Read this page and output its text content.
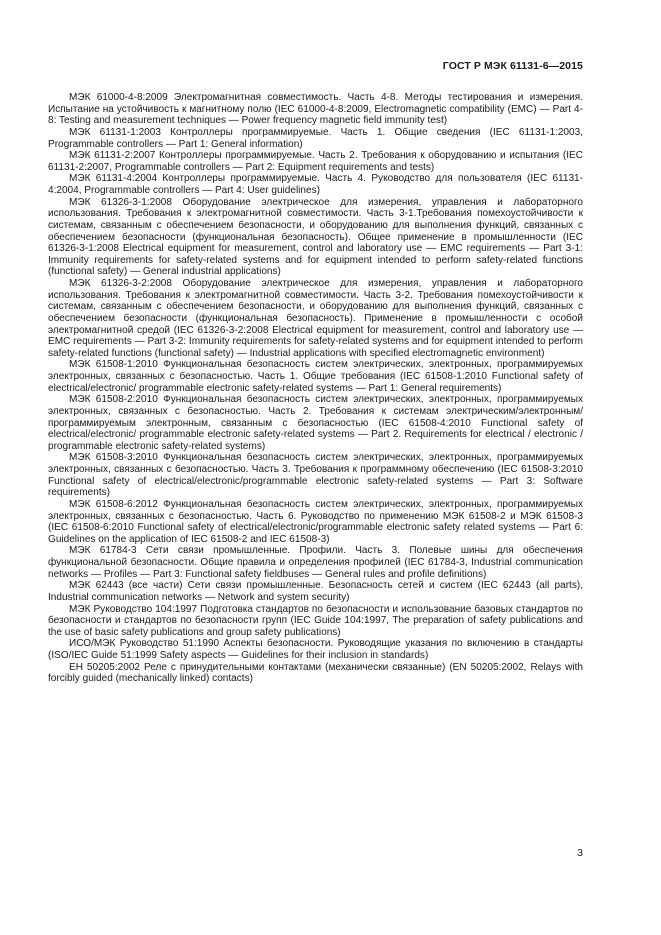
ГОСТ Р МЭК 61131-6—2015

МЭК 61000-4-8:2009 Электромагнитная совместимость. Часть 4-8. Методы тестирования и измерения. Испытание на устойчивость к магнитному полю (IEC 61000-4-8:2009, Electromagnetic compatibility (EMC) — Part 4-8: Testing and measurement techniques — Power frequency magnetic field immunity test)

МЭК 61131-1:2003 Контроллеры программируемые. Часть 1. Общие сведения (IEC 61131-1:2003, Programmable controllers — Part 1: General information)

МЭК 61131-2:2007 Контроллеры программируемые. Часть 2. Требования к оборудованию и испытания (IEC 61131-2:2007, Programmable controllers — Part 2: Equipment requirements and tests)

МЭК 61131-4:2004 Контроллеры программируемые. Часть 4. Руководство для пользователя (IEC 61131-4:2004, Programmable controllers — Part 4: User guidelines)

МЭК 61326-3-1:2008 Оборудование электрическое для измерения, управления и лабораторного использования. Требования к электромагнитной совместимости. Часть 3-1.Требования помехоустойчивости к системам, связанным с обеспечением безопасности, и оборудованию для выполнения функций, связанных с обеспечением безопасности (функциональная безопасность). Общее применение в промышленности (IEC 61326-3-1:2008 Electrical equipment for measurement, control and laboratory use — EMC requirements — Part 3-1: Immunity requirements for safety-related systems and for equipment intended to perform safety-related functions (functional safety) — General industrial applications)

МЭК 61326-3-2:2008 Оборудование электрическое для измерения, управления и лабораторного использования. Требования к электромагнитной совместимости. Часть 3-2. Требования помехоустойчивости к системам, связанным с обеспечением безопасности, и оборудованию для выполнения функций, связанных с обеспечением безопасности (функциональная безопасность). Применение в промышленности с особой электромагнитной средой (IEC 61326-3-2:2008 Electrical equipment for measurement, control and laboratory use — EMC requirements — Part 3-2: Immunity requirements for safety-related systems and for equipment intended to perform safety-related functions (functional safety) — Industrial applications with specified electromagnetic environment)

МЭК 61508-1:2010 Функциональная безопасность систем электрических, электронных, программируемых электронных, связанных с безопасностью. Часть 1. Общие требования (IEC 61508-1:2010 Functional safety of electrical/electronic/ programmable electronic safety-related systems — Part 1: General requirements)

МЭК 61508-2:2010 Функциональная безопасность систем электрических, электронных, программируемых электронных, связанных с безопасностью. Часть 2. Требования к системам электрическим/электронным/программируемым электронным, связанным с безопасностью (IEC 61508-4:2010 Functional safety of electrical/electronic/ programmable electronic safety-related systems — Part 2. Requirements for electrical / electronic / programmable electronic safety-related systems)

МЭК 61508-3:2010 Функциональная безопасность систем электрических, электронных, программируемых электронных, связанных с безопасностью. Часть 3. Требования к программному обеспечению (IEC 61508-3:2010 Functional safety of electrical/electronic/programmable electronic safety-related systems — Part 3: Software requirements)

МЭК 61508-6:2012 Функциональная безопасность систем электрических, электронных, программируемых электронных, связанных с безопасностью. Часть 6. Руководство по применению МЭК 61508-2 и МЭК 61508-3 (IEC 61508-6:2010 Functional safety of electrical/electronic/programmable electronic safety related systems — Part 6: Guidelines on the application of IEC 61508-2 and IEC 61508-3)

МЭК 61784-3 Сети связи промышленные. Профили. Часть 3. Полевые шины для обеспечения функциональной безопасности. Общие правила и определения профилей (IEC 61784-3, Industrial communication networks — Profiles — Part 3: Functional safety fieldbuses — General rules and profile definitions)

МЭК 62443 (все части) Сети связи промышленные. Безопасность сетей и систем (IEC 62443 (all parts), Industrial communication networks — Network and system security)

МЭК Руководство 104:1997 Подготовка стандартов по безопасности и использование базовых стандартов по безопасности и стандартов по безопасности групп (IEC Guide 104:1997, The preparation of safety publications and the use of basic safety publications and group safety publications)

ИСО/МЭК Руководство 51:1990 Аспекты безопасности. Руководящие указания по включению в стандарты (ISO/IEC Guide 51:1999 Safety aspects — Guidelines for their inclusion in standards)

ЕН 50205:2002 Реле с принудительными контактами (механически связанные) (EN 50205:2002, Relays with forcibly guided (mechanically linked) contacts)

3
